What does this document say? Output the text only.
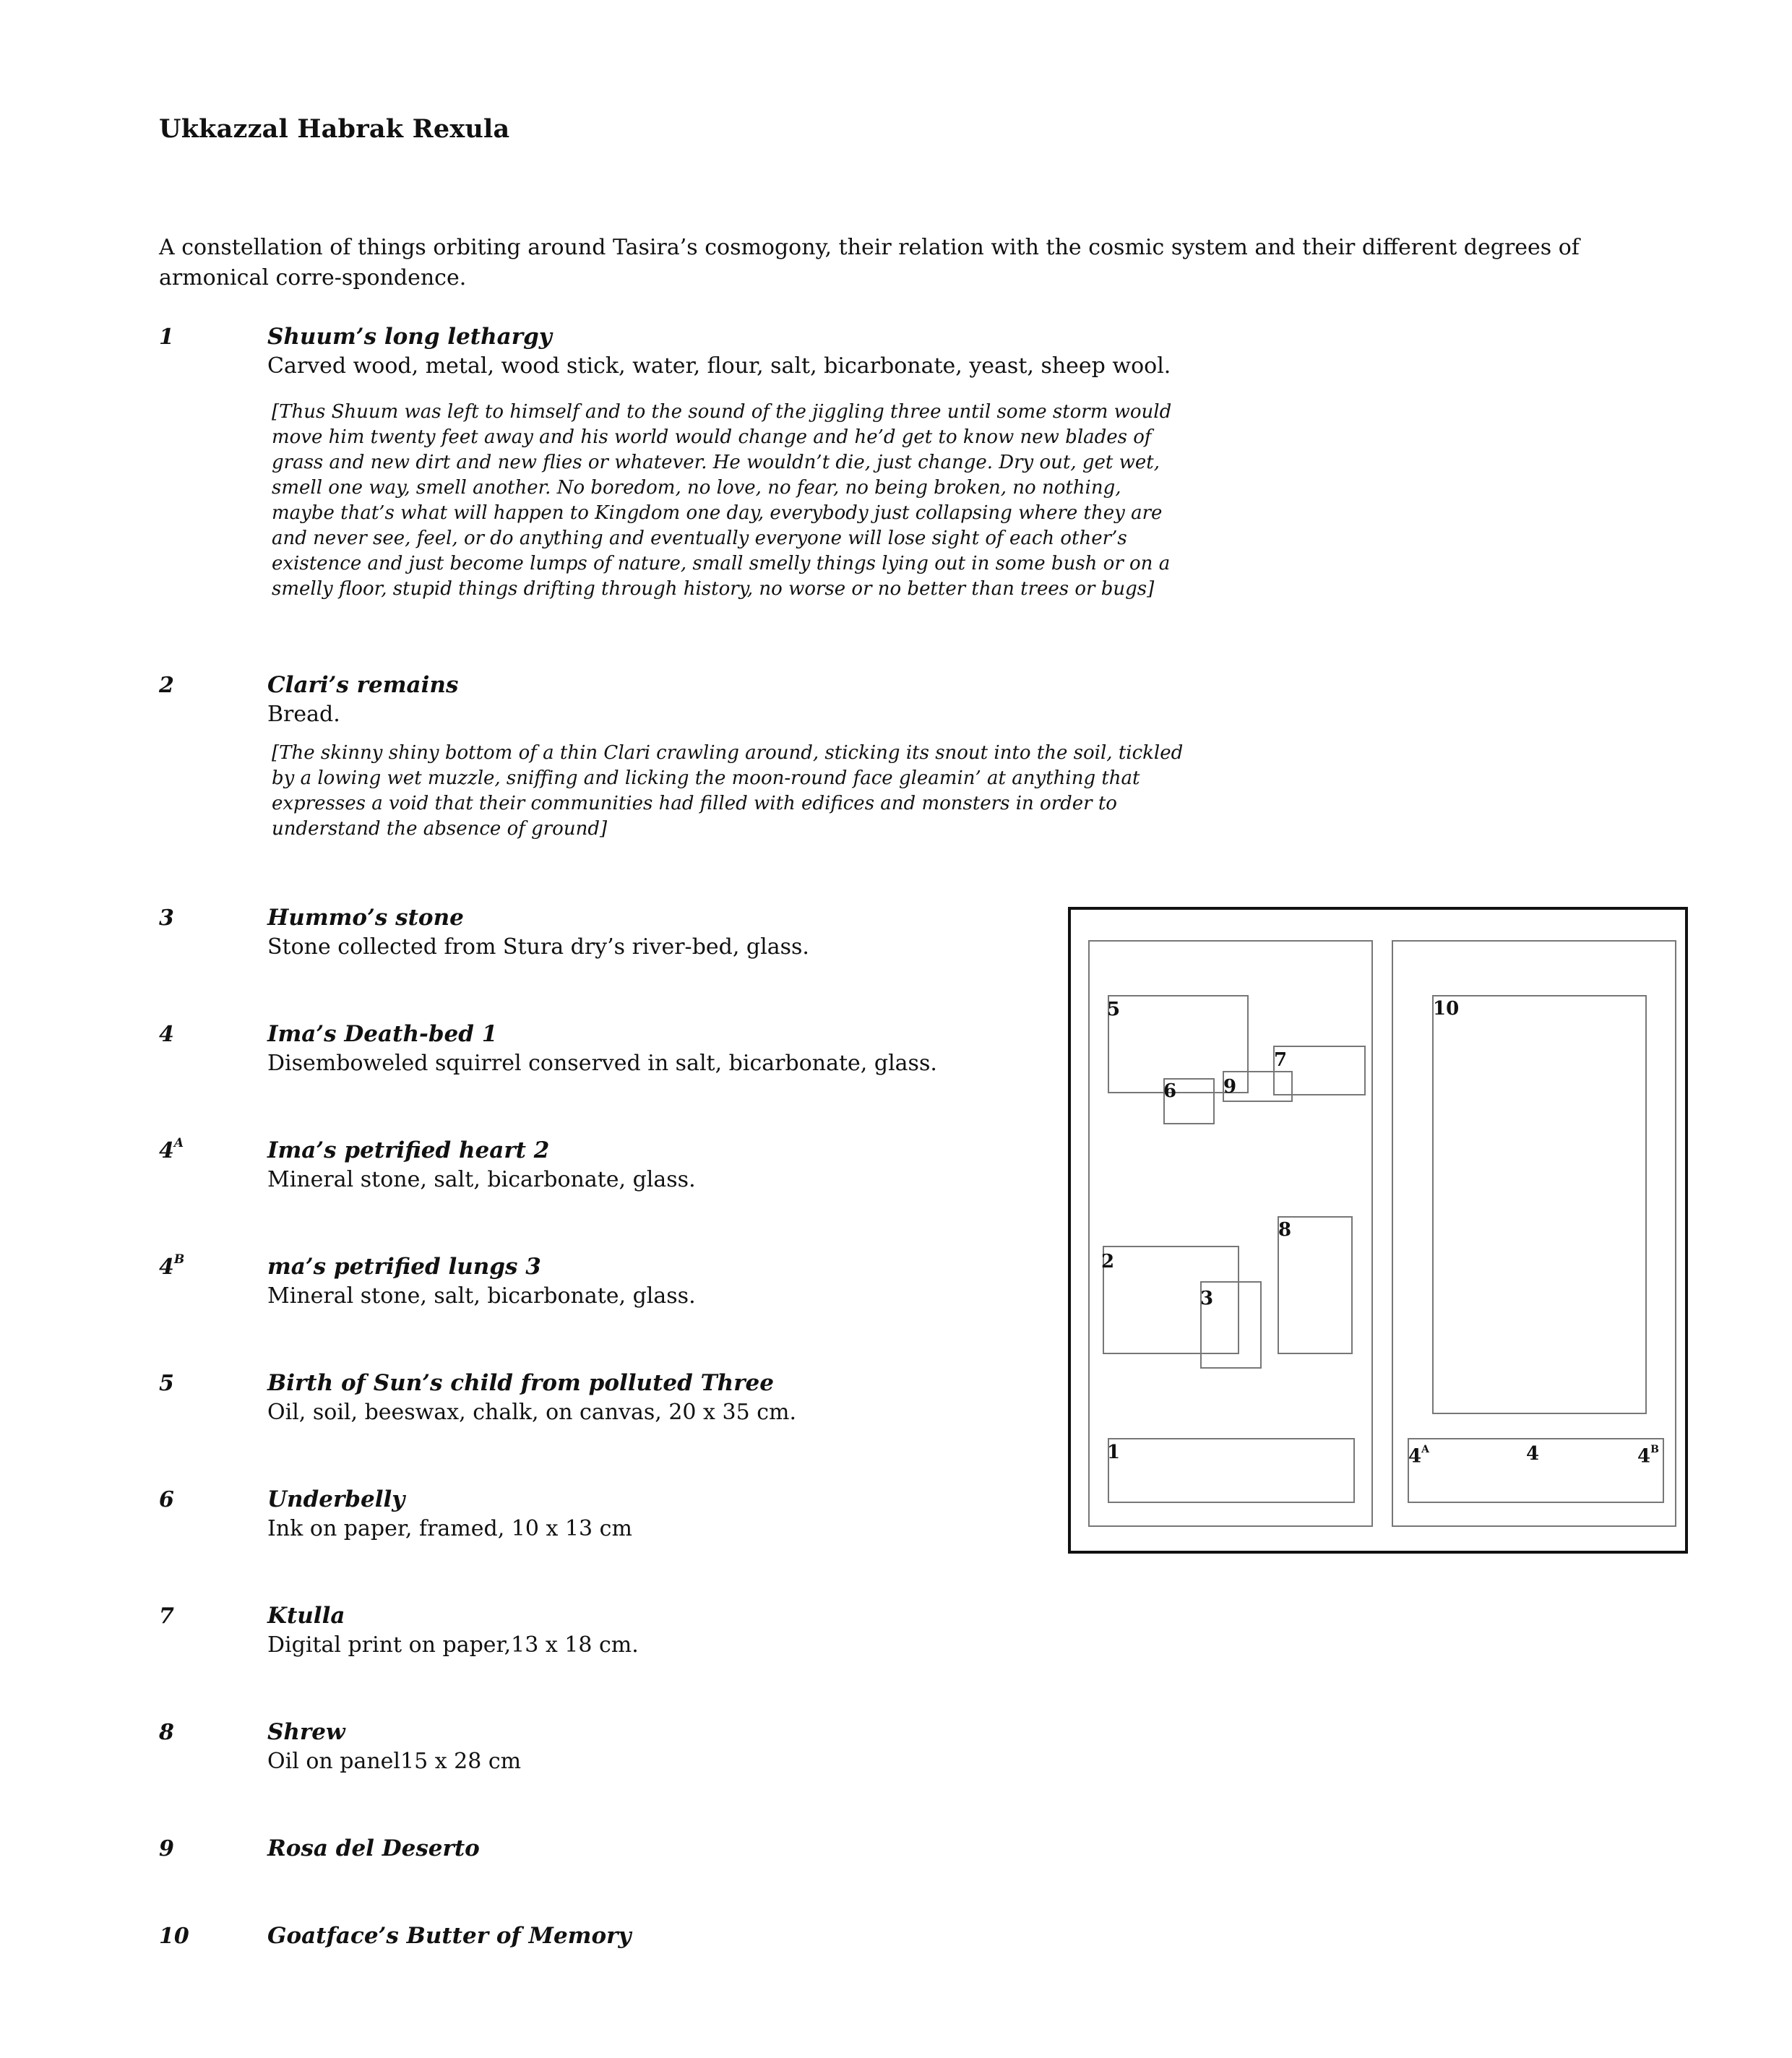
Ukkazzal Habrak Rexula
A constellation of things orbiting around Tasira’s cosmogony, their relation with the cosmic system and their different degrees of armonical corre-spondence.
1	Shuum’s long lethargy
Carved wood, metal, wood stick, water, flour, salt, bicarbonate, yeast, sheep wool.
[Thus Shuum was left to himself and to the sound of the jiggling three until some storm would move him twenty feet away and his world would change and he’d get to know new blades of grass and new dirt and new flies or whatever. He wouldn’t die, just change. Dry out, get wet, smell one way, smell another. No boredom, no love, no fear, no being broken, no nothing, maybe that’s what will happen to Kingdom one day, everybody just collapsing where they are and never see, feel, or do anything and eventually everyone will lose sight of each other’s existence and just become lumps of nature, small smelly things lying out in some bush or on a smelly floor, stupid things drifting through history, no worse or no better than trees or bugs]
2	Clari’s remains
Bread.
[The skinny shiny bottom of a thin Clari crawling around, sticking its snout into the soil, tickled by a lowing wet muzzle, sniffing and licking the moon-round face gleamin’ at anything that expresses a void that their communities had filled with edifices and monsters in order to understand the absence of ground]
3	Hummo’s stone
Stone collected from Stura dry’s river-bed, glass.
4	Ima’s Death-bed 1
Disemboweled squirrel conserved in salt, bicarbonate, glass.
$4^A$	Ima’s petrified heart 2
Mineral stone, salt, bicarbonate, glass.
$4^B$	ma’s petrified lungs 3
Mineral stone, salt, bicarbonate, glass.
5	Birth of Sun’s child from polluted Three
Oil, soil, beeswax, chalk, on canvas, 20 x 35 cm.
6	Underbelly
Ink on paper, framed, 10 x 13 cm
7	Ktulla
Digital print on paper,13 x 18 cm.
8	Shrew
Oil on panel15 x 28 cm
9	Rosa del Deserto
10	Goatface’s Butter of Memory
5
6 9
7
8
2
3
1
10
$4^A$	4	$4^B$
